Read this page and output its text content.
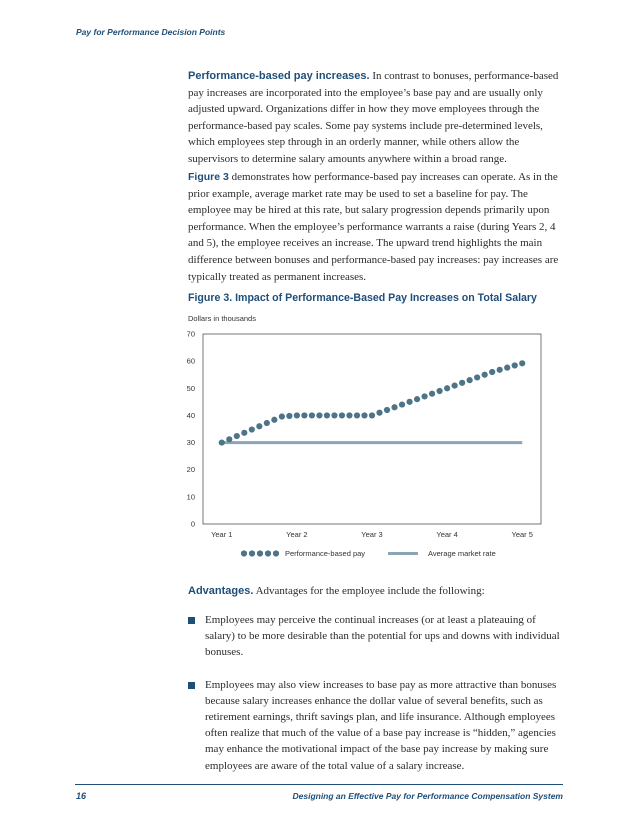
Pay for Performance Decision Points

Performance-based pay increases. In contrast to bonuses, performance-based pay increases are incorporated into the employee’s base pay and are usually only adjusted upward. Organizations differ in how they move employees through the performance-based pay scales. Some pay systems include pre-determined levels, which employees step through in an orderly manner, while others allow the supervisors to determine salary amounts anywhere within a broad range.

Figure 3 demonstrates how performance-based pay increases can operate. As in the prior example, average market rate may be used to set a baseline for pay. The employee may be hired at this rate, but salary progression depends primarily upon performance. When the employee’s performance warrants a raise (during Years 2, 4 and 5), the employee receives an increase. The upward trend highlights the main difference between bonuses and performance-based pay increases: pay increases are typically treated as permanent increases.

Figure 3. Impact of Performance-Based Pay Increases on Total Salary

Dollars in thousands
0
10
20
30
40
50
60
70
Year 1	Year 2	Year 3	Year 4	Year 5
Performance-based pay	Average market rate

Advantages. Advantages for the employee include the following:

Employees may perceive the continual increases (or at least a plateauing of salary) to be more desirable than the potential for ups and downs with individual bonuses.
Employees may also view increases to base pay as more attractive than bonuses because salary increases enhance the dollar value of several benefits, such as retirement earnings, thrift savings plan, and life insurance. Although employees often realize that much of the value of a base pay increase is “hidden,” agencies may enhance the motivational impact of the base pay increase by making sure employees are aware of the total value of a salary increase.
16	Designing an Effective Pay for Performance Compensation System
